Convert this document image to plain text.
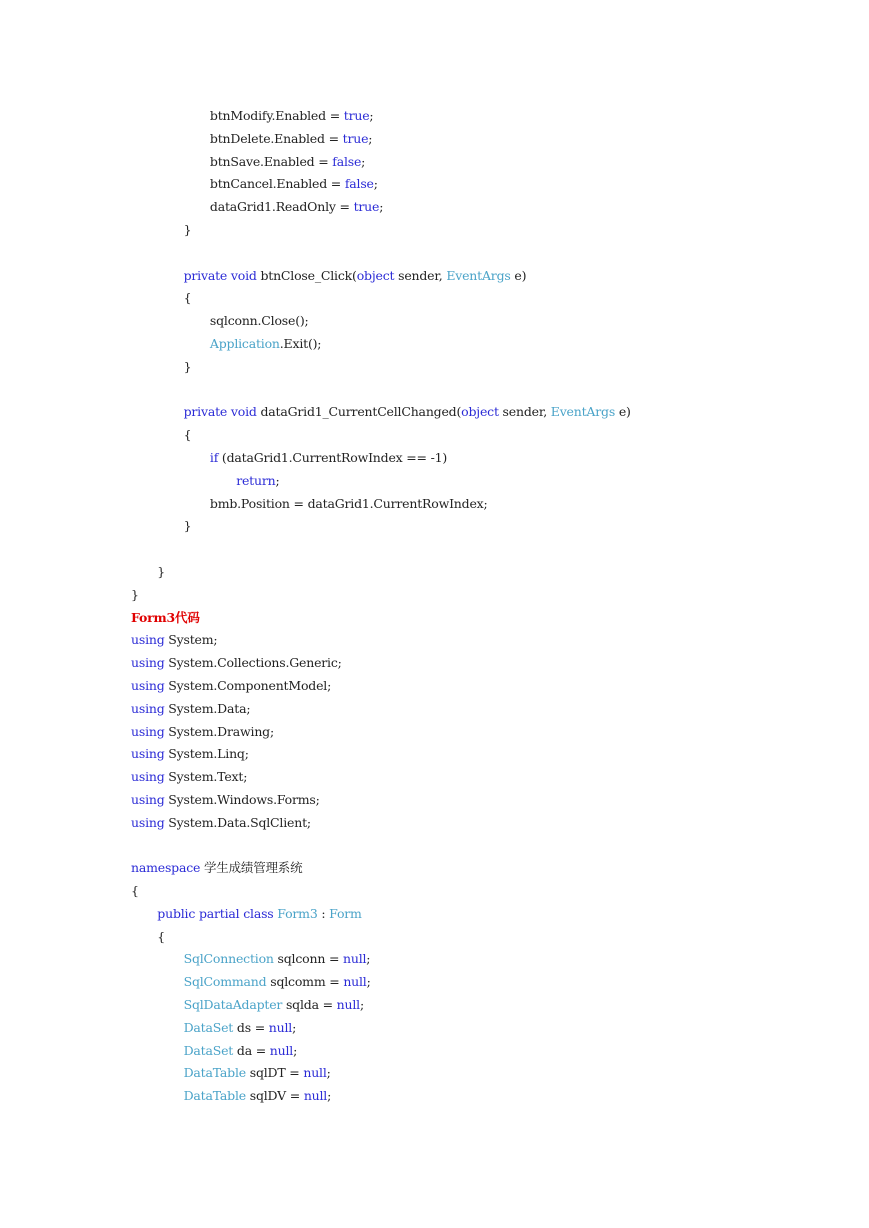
btnModify.Enabled = true;
btnDelete.Enabled = true;
btnSave.Enabled = false;
btnCancel.Enabled = false;
dataGrid1.ReadOnly = true;
}
private void btnClose_Click(object sender, EventArgs e)
{
sqlconn.Close();
Application.Exit();
}
private void dataGrid1_CurrentCellChanged(object sender, EventArgs e)
{
if (dataGrid1.CurrentRowIndex == -1)
return;
bmb.Position = dataGrid1.CurrentRowIndex;
}
}
}
Form3代码
using System;
using System.Collections.Generic;
using System.ComponentModel;
using System.Data;
using System.Drawing;
using System.Linq;
using System.Text;
using System.Windows.Forms;
using System.Data.SqlClient;
namespace 学生成绩管理系统
{
public partial class Form3 : Form
{
SqlConnection sqlconn = null;
SqlCommand sqlcomm = null;
SqlDataAdapter sqlda = null;
DataSet ds = null;
DataSet da = null;
DataTable sqlDT = null;
DataTable sqlDV = null;
